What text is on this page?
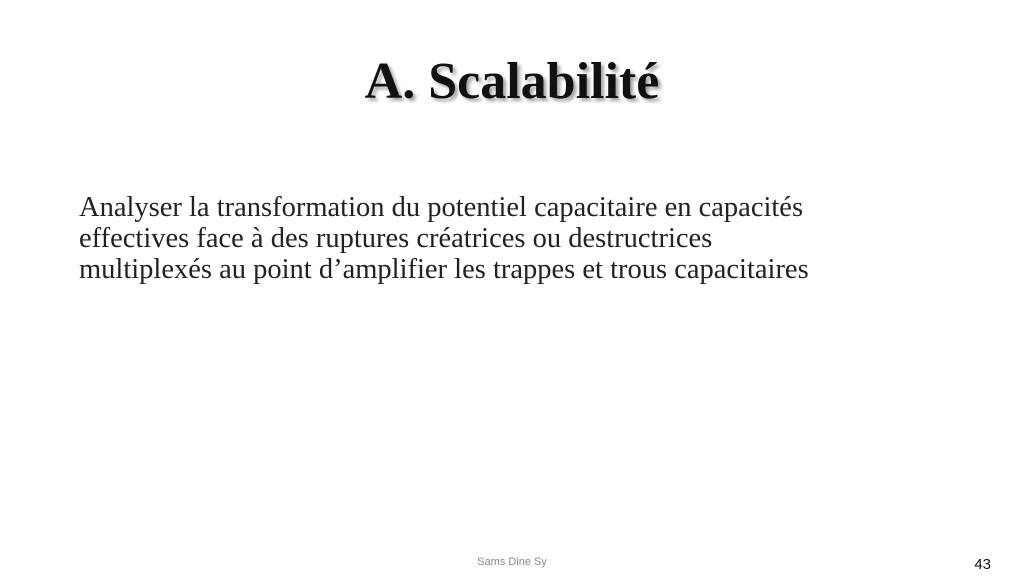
A. Scalabilité
Analyser la transformation du potentiel capacitaire en capacités
effectives face à des ruptures créatrices ou destructrices
multiplexés au point d’amplifier les trappes et trous capacitaires
Sams Dine Sy	43
